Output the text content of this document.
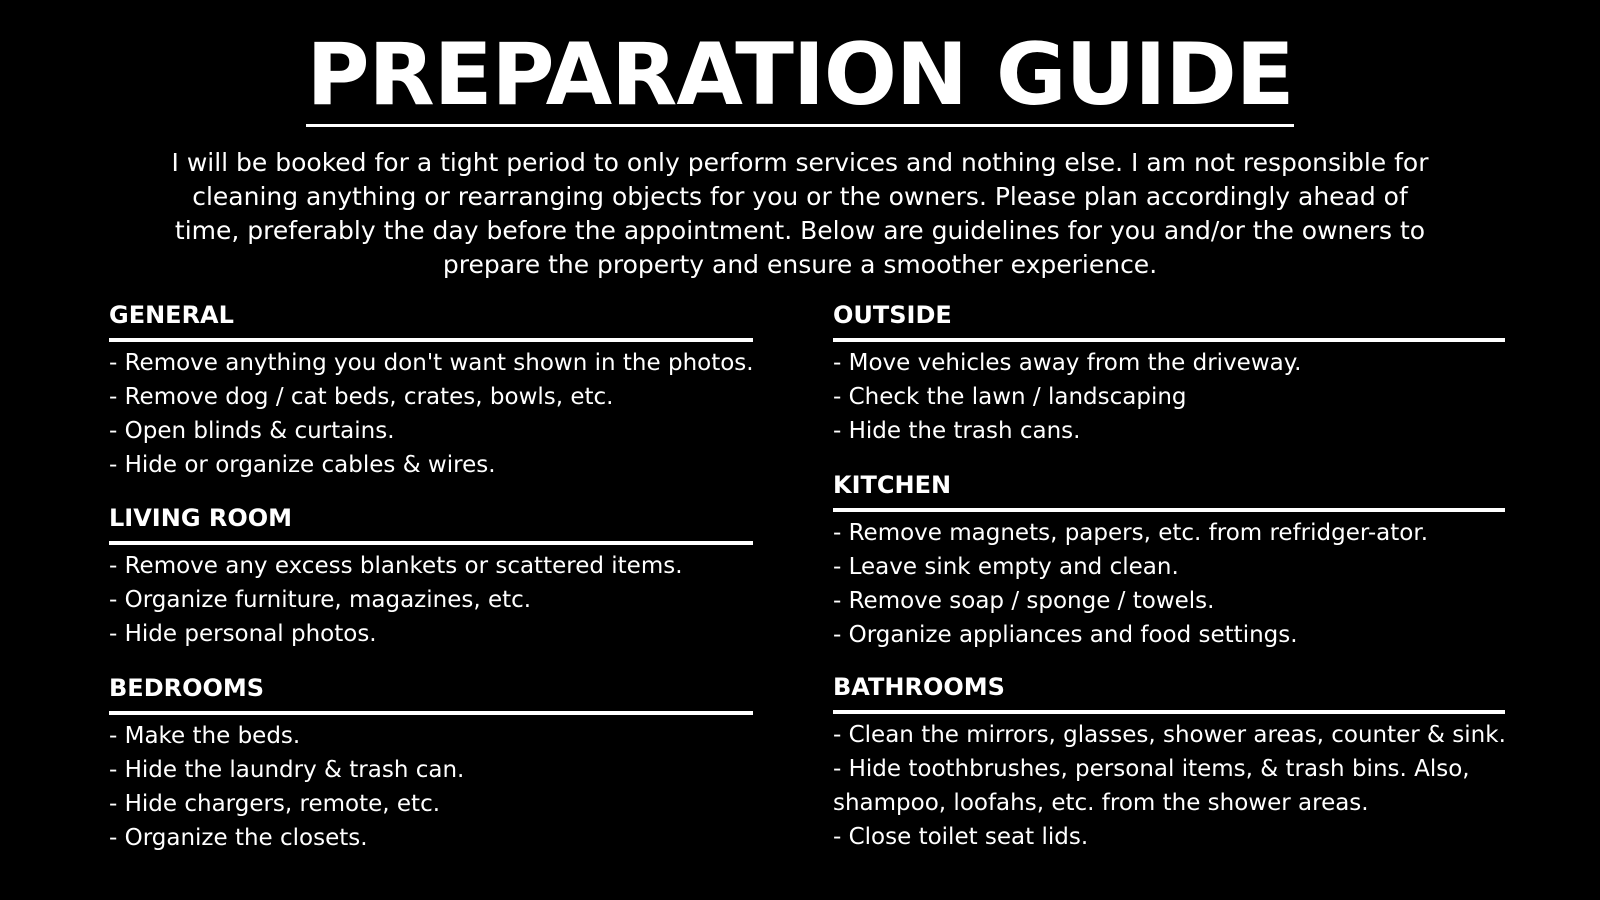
PREPARATION GUIDE

I will be booked for a tight period to only perform services and nothing else. I am not responsible for cleaning anything or rearranging objects for you or the owners. Please plan accordingly ahead of time, preferably the day before the appointment. Below are guidelines for you and/or the owners to prepare the property and ensure a smoother experience.

GENERAL
- Remove anything you don't want shown in the photos.
- Remove dog / cat beds, crates, bowls, etc.
- Open blinds & curtains.
- Hide or organize cables & wires.
LIVING ROOM
- Remove any excess blankets or scattered items.
- Organize furniture, magazines, etc.
- Hide personal photos.
BEDROOMS
- Make the beds.
- Hide the laundry & trash can.
- Hide chargers, remote, etc.
- Organize the closets.
OUTSIDE
- Move vehicles away from the driveway.
- Check the lawn / landscaping
- Hide the trash cans.
KITCHEN
- Remove magnets, papers, etc. from refridger-ator.
- Leave sink empty and clean.
- Remove soap / sponge / towels.
- Organize appliances and food settings.
BATHROOMS
- Clean the mirrors, glasses, shower areas, counter & sink.
- Hide toothbrushes, personal items, & trash bins. Also, shampoo, loofahs, etc. from the shower areas.
- Close toilet seat lids.
